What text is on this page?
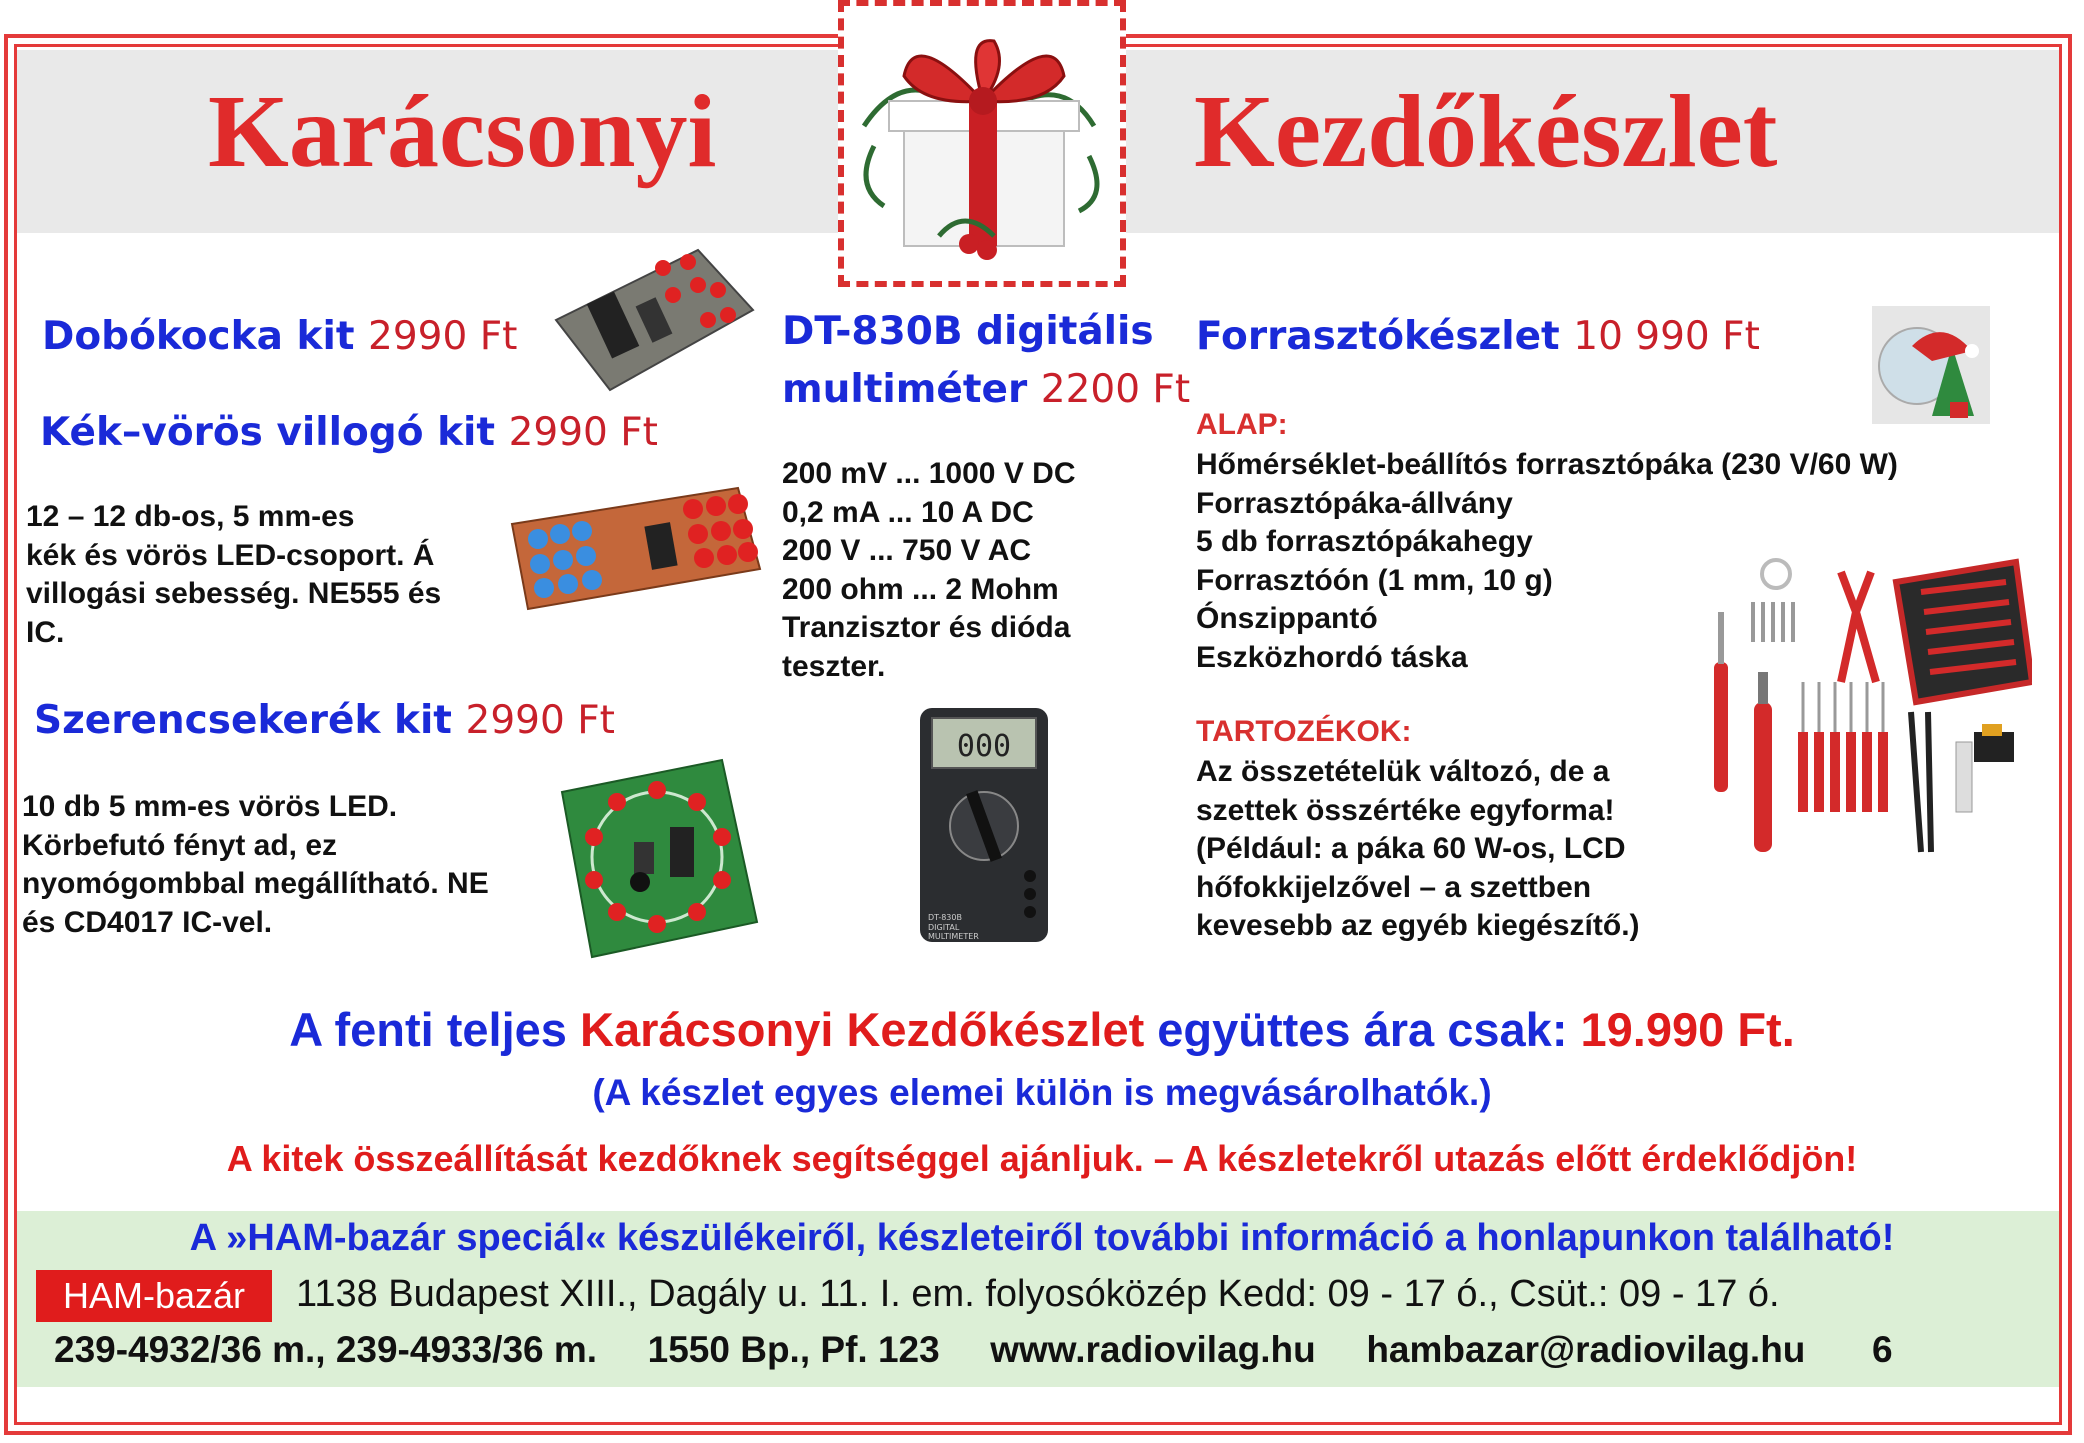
Karácsonyi	Kezdőkészlet
Dobókocka kit 2990 Ft
Kék–vörös villogó kit 2990 Ft
12 – 12 db-os, 5 mm-es
kék és vörös LED-csoport. Á
villogási sebesség. NE555 és
IC.
Szerencsekerék kit 2990 Ft
10 db 5 mm-es vörös LED.
Körbefutó fényt ad, ez
nyomógombbal megállítható. NE
és CD4017 IC-vel.
DT-830B digitális
multiméter 2200 Ft
200 mV ... 1000 V DC
0,2 mA ... 10 A DC
200 V ... 750 V AC
200 ohm ... 2 Mohm
Tranzisztor és dióda
teszter.
000
DT-830B
DIGITAL
MULTIMETER
Forrasztókészlet 10 990 Ft
ALAP:
Hőmérséklet-beállítós forrasztópáka (230 V/60 W)
Forrasztópáka-állvány
5 db forrasztópákahegy
Forrasztóón (1 mm, 10 g)
Ónszippantó
Eszközhordó táska
TARTOZÉKOK:
Az összetételük változó, de a
szettek összértéke egyforma!
(Például: a páka 60 W-os, LCD
hőfokkijelzővel – a szettben
kevesebb az egyéb kiegészítő.)
A fenti teljes Karácsonyi Kezdőkészlet együttes ára csak: 19.990 Ft.
(A készlet egyes elemei külön is megvásárolhatók.)
A kitek összeállítását kezdőknek segítséggel ajánljuk. – A készletekről utazás előtt érdeklődjön!
A »HAM-bazár speciál« készülékeiről, készleteiről további információ a honlapunkon található!
HAM-bazár	1138 Budapest XIII., Dagály u. 11. I. em. folyosóközép Kedd: 09 - 17 ó., Csüt.: 09 - 17 ó.
239-4932/36 m., 239-4933/36 m. 1550 Bp., Pf. 123 www.radiovilag.hu hambazar@radiovilag.hu 6
